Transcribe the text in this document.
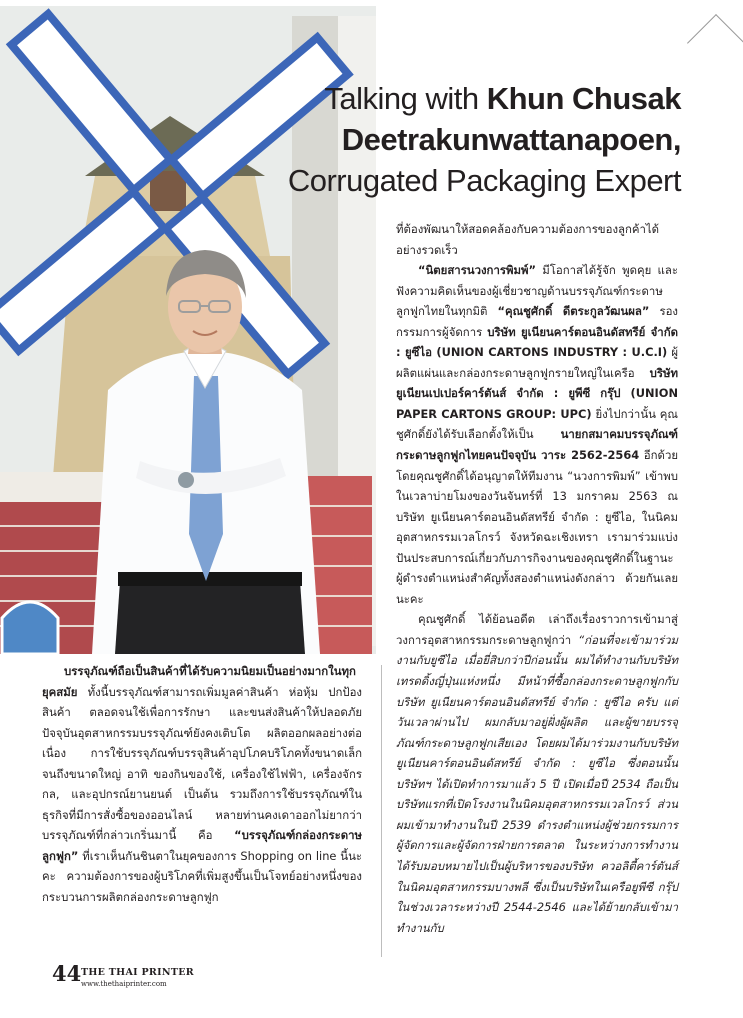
Talking with Khun Chusak
Deetrakunwattanapoen,
Corrugated Packaging Expert

ที่ต้องพัฒนาให้สอดคล้องกับความต้องการของลูกค้าได้อย่างรวดเร็ว

“นิตยสารนวงการพิมพ์” มีโอกาสได้รู้จัก พูดคุย และฟังความคิดเห็นของผู้เชี่ยวชาญด้านบรรจุภัณฑ์กระดาษลูกฟูกไทยในทุกมิติ “คุณชูศักดิ์ ดีตระกูลวัฒนผล” รองกรรมการผู้จัดการ บริษัท ยูเนียนคาร์ตอนอินดัสทรีย์ จำกัด : ยูซีไอ (UNION CARTONS INDUSTRY : U.C.I) ผู้ผลิตแผ่นและกล่องกระดาษลูกฟูกรายใหญ่ในเครือ บริษัท ยูเนียนเปเปอร์คาร์ตันส์ จำกัด : ยูพีซี กรุ๊ป (UNION PAPER CARTONS GROUP: UPC) ยิ่งไปกว่านั้น คุณชูศักดิ์ยังได้รับเลือกตั้งให้เป็น นายกสมาคมบรรจุภัณฑ์กระดาษลูกฟูกไทยคนปัจจุบัน วาระ 2562-2564 อีกด้วย โดยคุณชูศักดิ์ได้อนุญาตให้ทีมงาน “นวงการพิมพ์” เข้าพบในเวลาบ่ายโมงของวันจันทร์ที่ 13 มกราคม 2563 ณ บริษัท ยูเนียนคาร์ตอนอินดัสทรีย์ จำกัด : ยูซีไอ, ในนิคมอุตสาหกรรมเวลโกรว์ จังหวัดฉะเชิงเทรา เรามาร่วมแบ่งปันประสบการณ์เกี่ยวกับภารกิจงานของคุณชูศักดิ์ในฐานะผู้ดำรงตำแหน่งสำคัญทั้งสองตำแหน่งดังกล่าว ด้วยกันเลยนะคะ

คุณชูศักดิ์ ได้ย้อนอดีต เล่าถึงเรื่องราวการเข้ามาสู่วงการอุตสาหกรรมกระดาษลูกฟูกว่า “ก่อนที่จะเข้ามาร่วมงานกับยูซีไอ เมื่อยี่สิบกว่าปีก่อนนั้น ผมได้ทำงานกับบริษัทเทรดดิ้งญี่ปุ่นแห่งหนึ่ง มีหน้าที่ซื้อกล่องกระดาษลูกฟูกกับบริษัท ยูเนียนคาร์ตอนอินดัสทรีย์ จำกัด : ยูซีไอ ครับ แต่วันเวลาผ่านไป ผมกลับมาอยู่ฝั่งผู้ผลิต และผู้ขายบรรจุภัณฑ์กระดาษลูกฟูกเสียเอง โดยผมได้มาร่วมงานกับบริษัท ยูเนียนคาร์ตอนอินดัสทรีย์ จำกัด : ยูซีไอ ซึ่งตอนนั้นบริษัทฯ ได้เปิดทำการมาแล้ว 5 ปี เปิดเมื่อปี 2534 ถือเป็นบริษัทแรกที่เปิดโรงงานในนิคมอุตสาหกรรมเวลโกรว์ ส่วนผมเข้ามาทำงานในปี 2539 ดำรงตำแหน่งผู้ช่วยกรรมการผู้จัดการและผู้จัดการฝ่ายการตลาด ในระหว่างการทำงานได้รับมอบหมายไปเป็นผู้บริหารของบริษัท ควอลิตี้คาร์ตันส์ ในนิคมอุตสาหกรรมบางพลี ซึ่งเป็นบริษัทในเครือยูพีซี กรุ๊ป ในช่วงเวลาระหว่างปี 2544-2546 และได้ย้ายกลับเข้ามาทำงานกับ

บรรจุภัณฑ์ถือเป็นสินค้าที่ได้รับความนิยมเป็นอย่างมากในทุกยุคสมัย ทั้งนี้บรรจุภัณฑ์สามารถเพิ่มมูลค่าสินค้า ห่อหุ้ม ปกป้องสินค้า ตลอดจนใช้เพื่อการรักษา และขนส่งสินค้าให้ปลอดภัย ปัจจุบันอุตสาหกรรมบรรจุภัณฑ์ยังคงเติบโต ผลิตออกผลอย่างต่อเนื่อง การใช้บรรจุภัณฑ์บรรจุสินค้าอุปโภคบริโภคทั้งขนาดเล็กจนถึงขนาดใหญ่ อาทิ ของกินของใช้, เครื่องใช้ไฟฟ้า, เครื่องจักรกล, และอุปกรณ์ยานยนต์ เป็นต้น รวมถึงการใช้บรรจุภัณฑ์ในธุรกิจที่มีการสั่งซื้อของออนไลน์ หลายท่านคงเดาออกไม่ยากว่า บรรจุภัณฑ์ที่กล่าวเกริ่นมานี้ คือ “บรรจุภัณฑ์กล่องกระดาษลูกฟูก” ที่เราเห็นกันชินตาในยุคของการ Shopping on line นี้นะคะ ความต้องการของผู้บริโภคที่เพิ่มสูงขึ้นเป็นโจทย์อย่างหนึ่งของกระบวนการผลิตกล่องกระดาษลูกฟูก

44 THE THAI PRINTER
www.thethaiprinter.com
